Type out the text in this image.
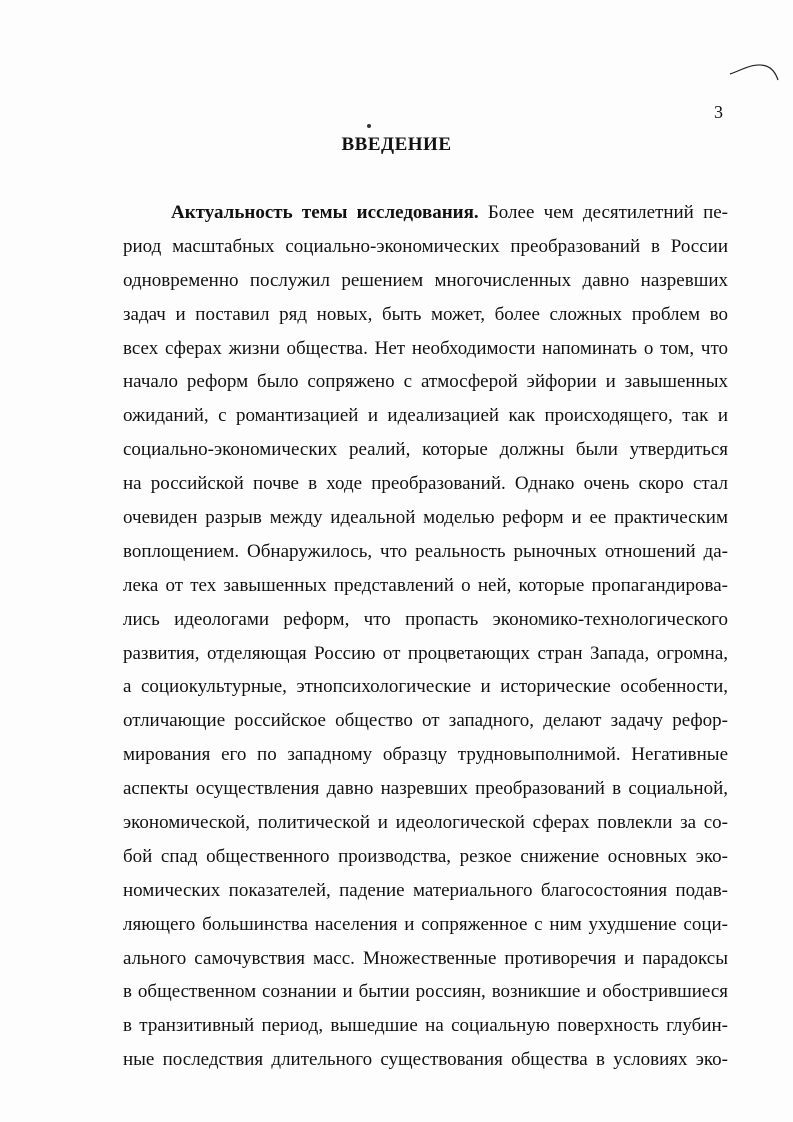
3
ВВЕДЕНИЕ
Актуальность темы исследования. Более чем десятилетний пе-
риод масштабных социально-экономических преобразований в России
одновременно послужил решением многочисленных давно назревших
задач и поставил ряд новых, быть может, более сложных проблем во
всех сферах жизни общества. Нет необходимости напоминать о том, что
начало реформ было сопряжено с атмосферой эйфории и завышенных
ожиданий, с романтизацией и идеализацией как происходящего, так и
социально-экономических реалий, которые должны были утвердиться
на российской почве в ходе преобразований. Однако очень скоро стал
очевиден разрыв между идеальной моделью реформ и ее практическим
воплощением. Обнаружилось, что реальность рыночных отношений да-
лека от тех завышенных представлений о ней, которые пропагандирова-
лись идеологами реформ, что пропасть экономико-технологического
развития, отделяющая Россию от процветающих стран Запада, огромна,
а социокультурные, этнопсихологические и исторические особенности,
отличающие российское общество от западного, делают задачу рефор-
мирования его по западному образцу трудновыполнимой. Негативные
аспекты осуществления давно назревших преобразований в социальной,
экономической, политической и идеологической сферах повлекли за со-
бой спад общественного производства, резкое снижение основных эко-
номических показателей, падение материального благосостояния подав-
ляющего большинства населения и сопряженное с ним ухудшение соци-
ального самочувствия масс. Множественные противоречия и парадоксы
в общественном сознании и бытии россиян, возникшие и обострившиеся
в транзитивный период, вышедшие на социальную поверхность глубин-
ные последствия длительного существования общества в условиях эко-
